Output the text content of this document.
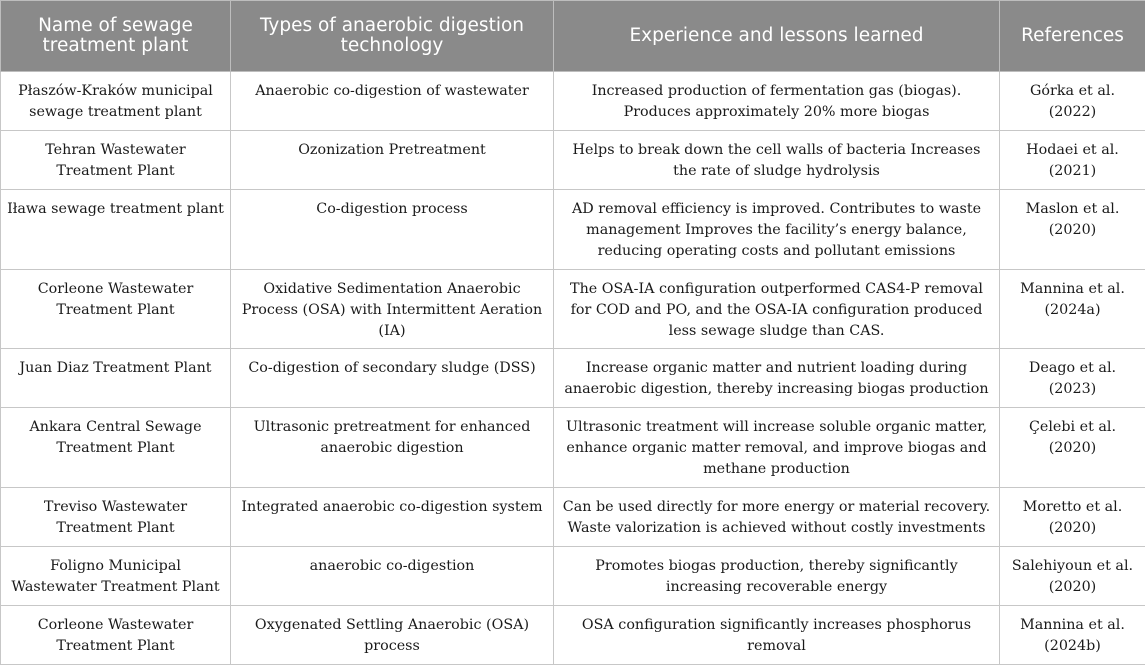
Name of sewage treatment plant	Types of anaerobic digestion technology	Experience and lessons learned	References
Płaszów-Kraków municipal sewage treatment plant	Anaerobic co-digestion of wastewater	Increased production of fermentation gas (biogas). Produces approximately 20% more biogas	Górka et al. (2022)
Tehran Wastewater Treatment Plant	Ozonization Pretreatment	Helps to break down the cell walls of bacteria Increases the rate of sludge hydrolysis	Hodaei et al. (2021)
Iława sewage treatment plant	Co-digestion process	AD removal efficiency is improved. Contributes to waste management Improves the facility’s energy balance, reducing operating costs and pollutant emissions	Maslon et al. (2020)
Corleone Wastewater Treatment Plant	Oxidative Sedimentation Anaerobic Process (OSA) with Intermittent Aeration (IA)	The OSA-IA configuration outperformed CAS4-P removal for COD and PO, and the OSA-IA configuration produced less sewage sludge than CAS.	Mannina et al. (2024a)
Juan Diaz Treatment Plant	Co-digestion of secondary sludge (DSS)	Increase organic matter and nutrient loading during anaerobic digestion, thereby increasing biogas production	Deago et al. (2023)
Ankara Central Sewage Treatment Plant	Ultrasonic pretreatment for enhanced anaerobic digestion	Ultrasonic treatment will increase soluble organic matter, enhance organic matter removal, and improve biogas and methane production	Çelebi et al. (2020)
Treviso Wastewater Treatment Plant	Integrated anaerobic co-digestion system	Can be used directly for more energy or material recovery. Waste valorization is achieved without costly investments	Moretto et al. (2020)
Foligno Municipal Wastewater Treatment Plant	anaerobic co-digestion	Promotes biogas production, thereby significantly increasing recoverable energy	Salehiyoun et al. (2020)
Corleone Wastewater Treatment Plant	Oxygenated Settling Anaerobic (OSA) process	OSA configuration significantly increases phosphorus removal	Mannina et al. (2024b)
